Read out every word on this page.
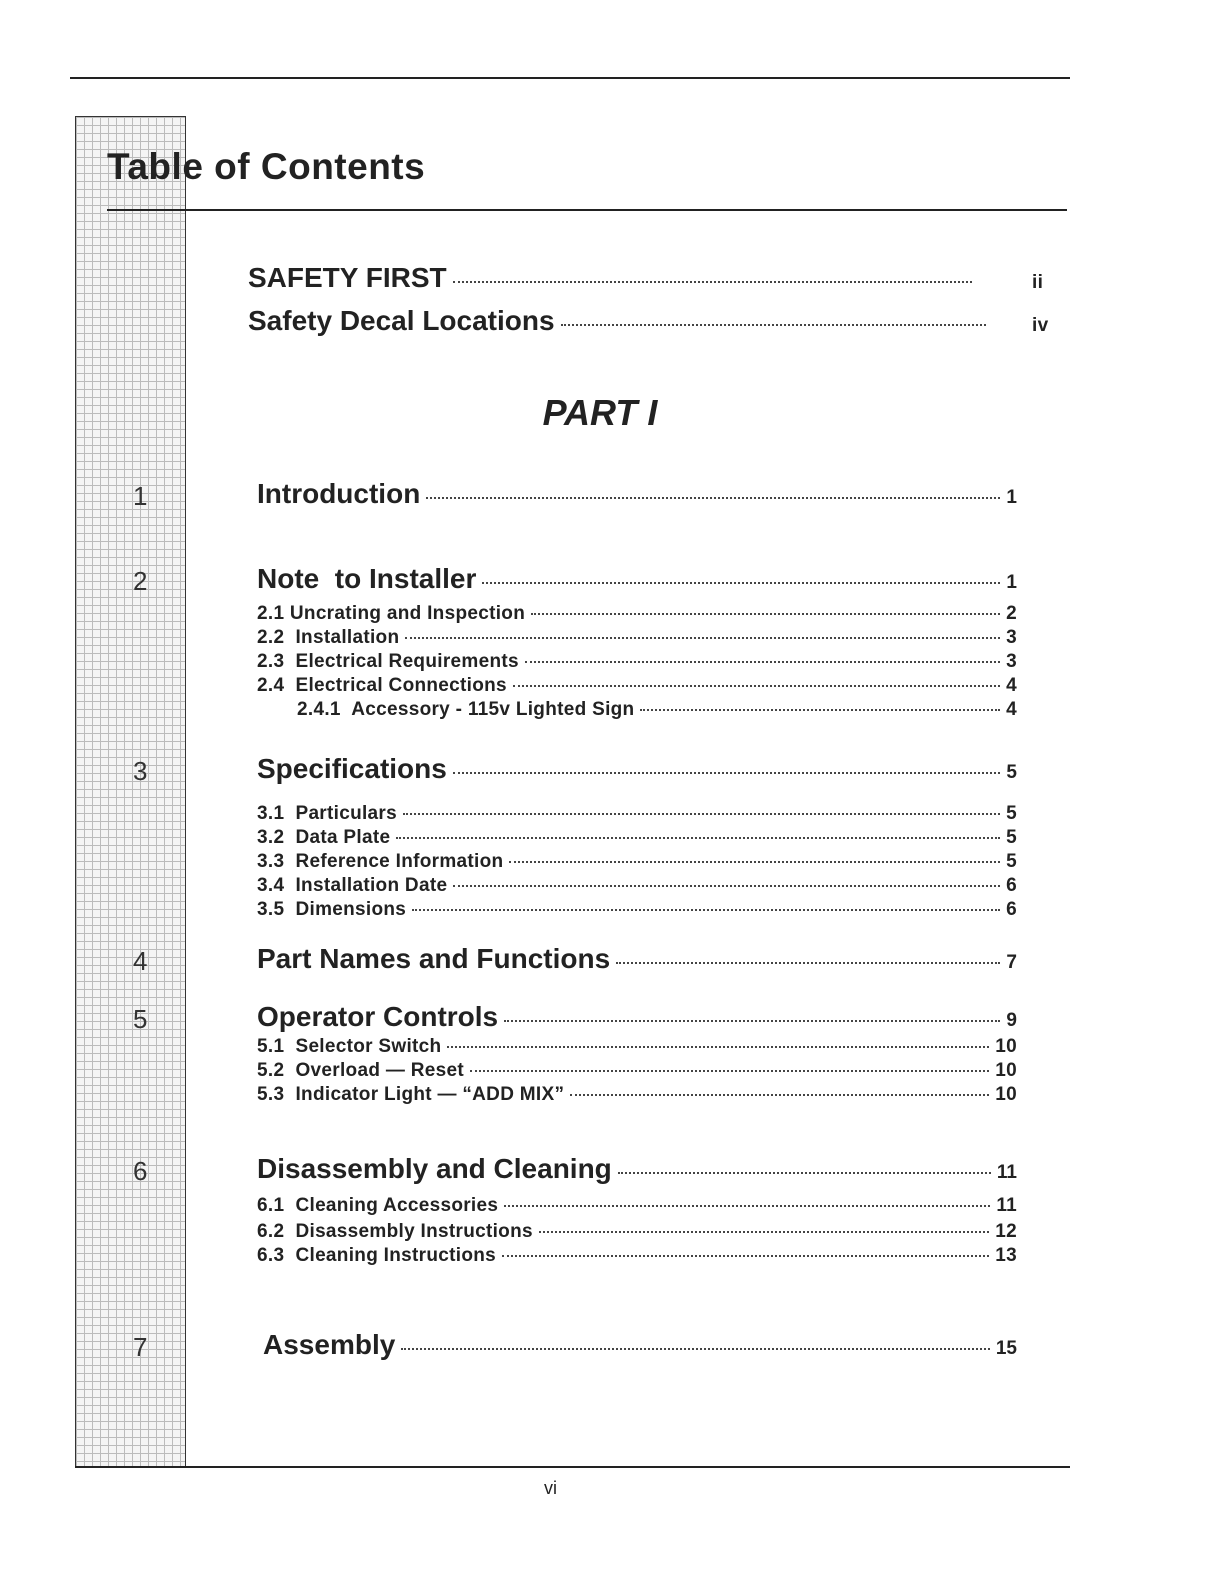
Table of Contents
SAFETY FIRST	ii
Safety Decal Locations	iv
PART I
1	Introduction	1
2	Note  to Installer	1
2.1 Uncrating and Inspection	2
2.2  Installation	3
2.3  Electrical Requirements	3
2.4  Electrical Connections	4
2.4.1  Accessory - 115v Lighted Sign	4
3	Specifications	5
3.1  Particulars	5
3.2  Data Plate	5
3.3  Reference Information	5
3.4  Installation Date	6
3.5  Dimensions	6
4	Part Names and Functions	7
5	Operator Controls	9
5.1  Selector Switch	10
5.2  Overload — Reset	10
5.3  Indicator Light — “ADD MIX”	10
6	Disassembly and Cleaning	11
6.1  Cleaning Accessories	11
6.2  Disassembly Instructions	12
6.3  Cleaning Instructions	13
7	Assembly	15
vi
